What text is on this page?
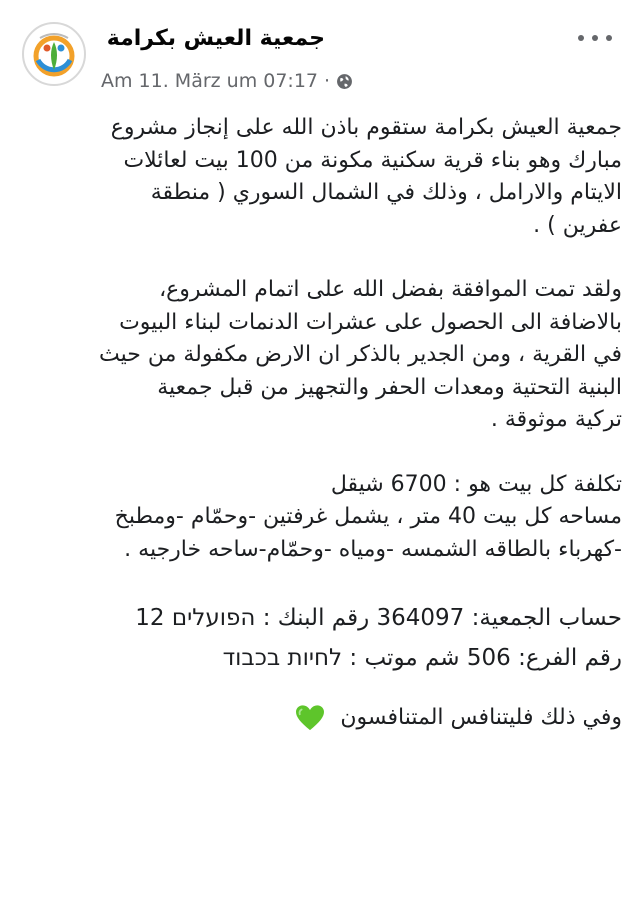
جمعية العيش بكرامة
Am 11. März um 07:17 ·
جمعية العيش بكرامة ستقوم باذن الله على إنجاز مشروع
مبارك وهو بناء قرية سكنية مكونة من 100 بيت لعائلات
الايتام والارامل ، وذلك في الشمال السوري ( منطقة
عفرين ) .
ولقد تمت الموافقة بفضل الله على اتمام المشروع،
بالاضافة الى الحصول على عشرات الدنمات لبناء البيوت
في القرية ، ومن الجدير بالذكر ان الارض مكفولة من حيث
البنية التحتية ومعدات الحفر والتجهيز من قبل جمعية
تركية موثوقة .
تكلفة كل بيت هو : 6700 شيقل
مساحه كل بيت 40 متر ، يشمل غرفتين -وحمّام -ومطبخ
-كهرباء بالطاقه الشمسه -ومياه -وحمّام-ساحه خارجيه .
حساب الجمعية: 364097 رقم البنك : הפועלים 12
رقم الفرع: 506 شم موتب : לחיות בכבוד
وفي ذلك فليتنافس المتنافسون
